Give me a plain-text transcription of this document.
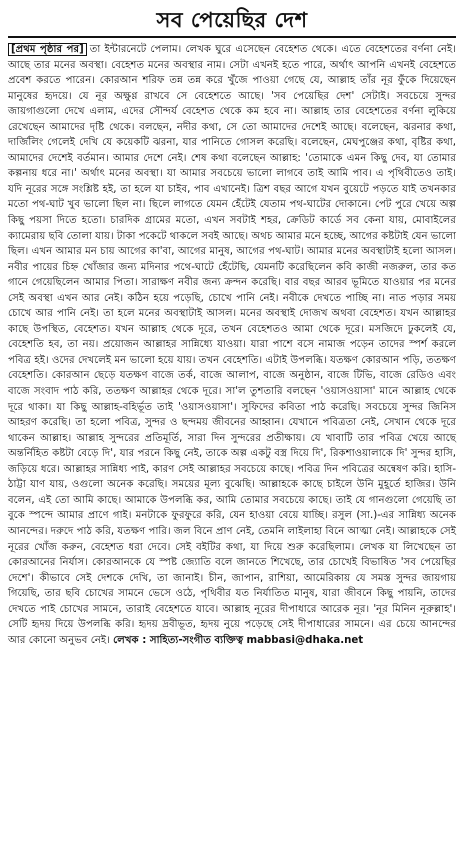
সব পেয়েছির দেশ
[প্রথম পৃষ্ঠার পর] তা ইন্টারনেটে পেলাম। লেখক ঘুরে এসেছেন বেহেশত থেকে। এতে বেহেশতের বর্ণনা নেই। আছে তার মনের অবস্থা। বেহেশত মনের অবস্থার নাম। সেটা এখনই হতে পারে, অর্থাৎ আপনি এখনই বেহেশতে প্রবেশ করতে পারেন। কোরআন শরিফ তন্ন তন্ন করে খুঁজে পাওয়া গেছে যে, আল্লাহ তাঁর নূর ফুঁকে দিয়েছেন মানুষের হৃদয়ে। যে নূর অক্ষুণ্ণ রাখবে সে বেহেশতে আছে। 'সব পেয়েছির দেশ' সেটাই। সবচেয়ে সুন্দর জায়গাগুলো দেখে এলাম, এদের সৌন্দর্য বেহেশত থেকে কম হবে না। আল্লাহ তার বেহেশতের বর্ণনা লুকিয়ে রেখেছেন আমাদের দৃষ্টি থেকে। বলছেন, নদীর কথা, সে তো আমাদের দেশেই আছে। বলেছেন, ঝরনার কথা, দার্জিলিং গেলেই দেখি যে কয়েকটি ঝরনা, যার পানিতে গোসল করেছি। বলেছেন, মেঘপুঞ্জের কথা, বৃষ্টির কথা, আমাদের দেশেই বর্তমান। আমার দেশে নেই। শেষ কথা বলেছেন আল্লাহ: 'তোমাকে এমন কিছু দেব, যা তোমার কল্পনায় ধরে না।' অর্থাৎ মনের অবস্থা। যা আমার সবচেয়ে ভালো লাগবে তাই আমি পাব। এ পৃথিবীতেও তাই। যদি নূরের সঙ্গে সংশ্লিষ্ট হই, তা হলে যা চাইব, পাব এখানেই। ত্রিশ বছর আগে যখন বুয়েটে পড়তে যাই তখনকার মতো পথ-ঘাট খুব ভালো ছিল না। ছিলে লাগতে যেমন হেঁটেই যেতাম পথ-ঘাটের দোকানে। পেট পুরে খেয়ে অল্প কিছু পয়সা দিতে হতো। চারদিক গ্রামের মতো, এখন সবটাই শহর, ক্রেডিট কার্ডে সব কেনা যায়, মোবাইলের ক্যামেরায় ছবি তোলা যায়। টাকা পকেটে থাকলে সবই আছে। অথচ আমার মনে হচ্ছে, আগের কষ্টটাই যেন ভালো ছিল। এখন আমার মন চায় আগের কা'বা, আগের মানুষ, আগের পথ-ঘাট। আমার মনের অবস্থাটাই হলো আসল। নবীর পায়ের চিহ্ন খোঁজার জন্য মদিনার পথে-ঘাটে হেঁটেছি, যেমনটি করেছিলেন কবি কাজী নজরুল, তার কত গানে গেয়েছিলেন আমার পিতা। সারাক্ষণ নবীর জন্য ক্রন্দন করেছি। বার বছর আরব ভূমিতে যাওয়ার পর মনের সেই অবস্থা এখন আর নেই। কঠিন হয়ে পড়েছি, চোখে পানি নেই। নবীকে দেখতে পাচ্ছি না। নাত পড়ার সময় চোখে আর পানি নেই। তা হলে মনের অবস্থাটাই আসল। মনের অবস্থাই দোজখ অথবা বেহেশত। যখন আল্লাহর কাছে উপস্থিত, বেহেশত। যখন আল্লাহ থেকে দূরে, তখন বেহেশতও আমা থেকে দূরে। মসজিদে ঢুকলেই যে, বেহেশতি হব, তা নয়। প্রয়োজন আল্লাহর সান্নিধ্যে যাওয়া। যারা পাশে বসে নামাজ পড়েন তাদের স্পর্শ করলে পবিত্র হই। ওদের দেখলেই মন ভালো হয়ে যায়। তখন বেহেশতি। এটাই উপলব্ধি। যতক্ষণ কোরআন পড়ি, ততক্ষণ বেহেশতি। কোরআন ছেড়ে যতক্ষণ বাজে তর্ক, বাজে আলাপ, বাজে অনুষ্ঠান, বাজে টিভি, বাজে রেডিও এবং বাজে সংবাদ পাঠ করি, ততক্ষণ আল্লাহর থেকে দূরে। সা'ল তুশতারি বলছেন 'ওয়াসওয়াসা' মানে আল্লাহ থেকে দূরে থাকা। যা কিছু আল্লাহ-বহির্ভূত তাই 'ওয়াসওয়াসা'। সুফিদের কবিতা পাঠ করেছি। সবচেয়ে সুন্দর জিনিস আহরণ করেছি। তা হলো পবিত্র, সুন্দর ও ছন্দময় জীবনের আহ্বান। যেখানে পবিত্রতা নেই, সেখান থেকে দূরে থাকেন আল্লাহ। আল্লাহ সুন্দরের প্রতিমূর্তি, সারা দিন সুন্দরের প্রতীক্ষায়। যে খাবাটি তার পবিত্র খেয়ে আছে অন্তর্নিহিত কষ্টটা বেড়ে দি', যার পরনে কিছু নেই, তাকে অল্প একটু বস্ত্র দিয়ে দি', রিকশাওয়ালাকে দি' সুন্দর হাসি, জড়িয়ে ধরে। আল্লাহর সান্নিধ্য পাই, কারণ সেই আল্লাহর সবচেয়ে কাছে। পবিত্র দিন পবিত্রের অন্বেষণ করি। হাসি-ঠাট্টা যাণ যায়, ওগুলো অনেক করেছি। সময়ের মূল্য বুঝেছি। আল্লাহকে কাছে চাইলে উনি মুহূর্তে হাজির। উনি বলেন, এই তো আমি কাছে। আমাকে উপলব্ধি কর, আমি তোমার সবচেয়ে কাছে। তাই যে গানগুলো গেয়েছি তা বুকে স্পন্দে আমার প্রাণে গাই। মনটাকে ফুরফুরে করি, যেন হাওয়া বেয়ে যাচ্ছি। রসুল (সা.)-এর সান্নিধ্য অনেক আনন্দের। দরুদে পাঠ করি, যতক্ষণ পারি। জল বিনে প্রাণ নেই, তেমনি লাইলাহা বিনে আত্মা নেই। আল্লাহকে সেই নূরের খোঁজ করুন, বেহেশত ধরা দেবে। সেই বইটির কথা, যা দিয়ে শুরু করেছিলাম। লেখক যা লিখেছেন তা কোরআনের নির্যাস। কোরআনকে যে স্পষ্ট জ্যোতি বলে জানতে শিখেছে, তার চোখেই বিভাষিত 'সব পেয়েছির দেশে'। কীভাবে সেই দেশকে দেখি, তা জানাই। চীন, জাপান, রাশিয়া, আমেরিকায় যে সমস্ত সুন্দর জায়গায় গিয়েছি, তার ছবি চোখের সামনে ভেসে ওঠে, পৃথিবীর যত নির্যাতিত মানুষ, যারা জীবনে কিছু পায়নি, তাদের দেখতে পাই চোখের সামনে, তারাই বেহেশতে যাবে। আল্লাহ নূরের দীপাধারে আরেক নূর। 'নূর মিনিন নূরুল্লাহ'। সেটি হৃদয় দিয়ে উপলব্ধি করি। হৃদয় দ্রবীভূত, হৃদয় নুয়ে পড়েছে সেই দীপাধারের সামনে। এর চেয়ে আনন্দের আর কোনো অনুভব নেই। লেখক : সাহিত্য-সংগীত ব্যক্তিত্ব mabbasi@dhaka.net
